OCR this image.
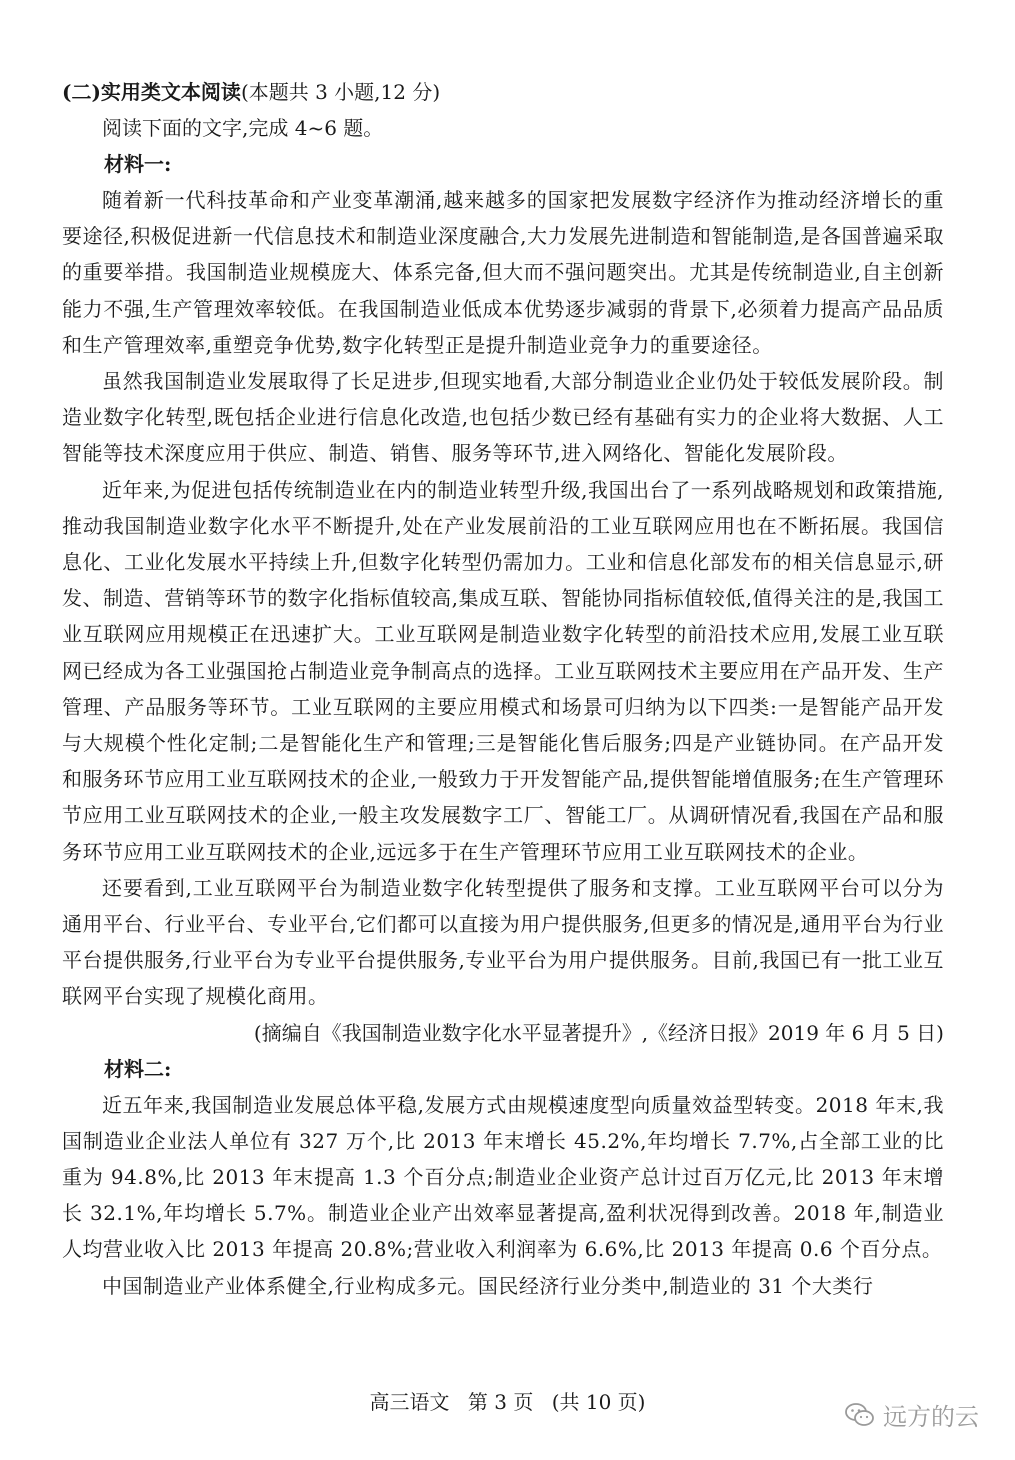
(二)实用类文本阅读(本题共 3 小题,12 分)

阅读下面的文字,完成 4~6 题。

材料一:

随着新一代科技革命和产业变革潮涌,越来越多的国家把发展数字经济作为推动经济增长的重要途径,积极促进新一代信息技术和制造业深度融合,大力发展先进制造和智能制造,是各国普遍采取的重要举措。我国制造业规模庞大、体系完备,但大而不强问题突出。尤其是传统制造业,自主创新能力不强,生产管理效率较低。在我国制造业低成本优势逐步减弱的背景下,必须着力提高产品品质和生产管理效率,重塑竞争优势,数字化转型正是提升制造业竞争力的重要途径。

虽然我国制造业发展取得了长足进步,但现实地看,大部分制造业企业仍处于较低发展阶段。制造业数字化转型,既包括企业进行信息化改造,也包括少数已经有基础有实力的企业将大数据、人工智能等技术深度应用于供应、制造、销售、服务等环节,进入网络化、智能化发展阶段。

近年来,为促进包括传统制造业在内的制造业转型升级,我国出台了一系列战略规划和政策措施,推动我国制造业数字化水平不断提升,处在产业发展前沿的工业互联网应用也在不断拓展。我国信息化、工业化发展水平持续上升,但数字化转型仍需加力。工业和信息化部发布的相关信息显示,研发、制造、营销等环节的数字化指标值较高,集成互联、智能协同指标值较低,值得关注的是,我国工业互联网应用规模正在迅速扩大。工业互联网是制造业数字化转型的前沿技术应用,发展工业互联网已经成为各工业强国抢占制造业竞争制高点的选择。工业互联网技术主要应用在产品开发、生产管理、产品服务等环节。工业互联网的主要应用模式和场景可归纳为以下四类:一是智能产品开发与大规模个性化定制;二是智能化生产和管理;三是智能化售后服务;四是产业链协同。在产品开发和服务环节应用工业互联网技术的企业,一般致力于开发智能产品,提供智能增值服务;在生产管理环节应用工业互联网技术的企业,一般主攻发展数字工厂、智能工厂。从调研情况看,我国在产品和服务环节应用工业互联网技术的企业,远远多于在生产管理环节应用工业互联网技术的企业。

还要看到,工业互联网平台为制造业数字化转型提供了服务和支撑。工业互联网平台可以分为通用平台、行业平台、专业平台,它们都可以直接为用户提供服务,但更多的情况是,通用平台为行业平台提供服务,行业平台为专业平台提供服务,专业平台为用户提供服务。目前,我国已有一批工业互联网平台实现了规模化商用。

(摘编自《我国制造业数字化水平显著提升》,《经济日报》2019 年 6 月 5 日)

材料二:

近五年来,我国制造业发展总体平稳,发展方式由规模速度型向质量效益型转变。2018 年末,我国制造业企业法人单位有 327 万个,比 2013 年末增长 45.2%,年均增长 7.7%,占全部工业的比重为 94.8%,比 2013 年末提高 1.3 个百分点;制造业企业资产总计过百万亿元,比 2013 年末增长 32.1%,年均增长 5.7%。制造业企业产出效率显著提高,盈利状况得到改善。2018 年,制造业人均营业收入比 2013 年提高 20.8%;营业收入利润率为 6.6%,比 2013 年提高 0.6 个百分点。

中国制造业产业体系健全,行业构成多元。国民经济行业分类中,制造业的 31 个大类行

高三语文 第 3 页 (共 10 页)
远方的云
